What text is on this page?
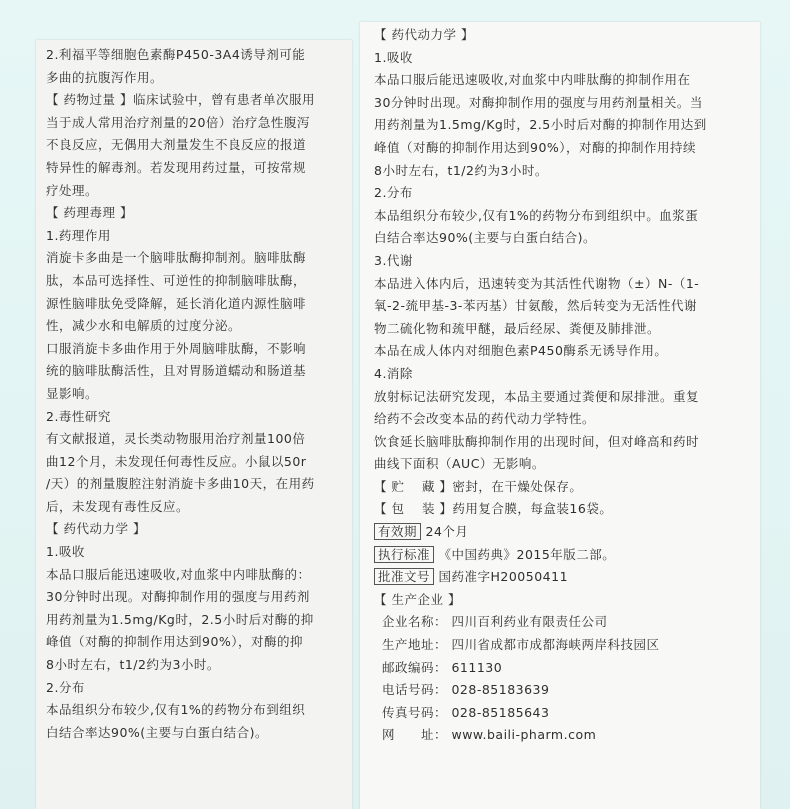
2.利福平等细胞色素酶P450-3A4诱导剂可能
多曲的抗腹泻作用。
【 药物过量 】临床试验中，曾有患者单次服用
当于成人常用治疗剂量的20倍）治疗急性腹泻
不良反应，无偶用大剂量发生不良反应的报道
特异性的解毒剂。若发现用药过量，可按常规
疗处理。
【 药理毒理 】
1.药理作用
消旋卡多曲是一个脑啡肽酶抑制剂。脑啡肽酶
肽，本品可选择性、可逆性的抑制脑啡肽酶，
源性脑啡肽免受降解，延长消化道内源性脑啡
性，减少水和电解质的过度分泌。
口服消旋卡多曲作用于外周脑啡肽酶，不影响
统的脑啡肽酶活性，且对胃肠道蠕动和肠道基
显影响。
2.毒性研究
有文献报道，灵长类动物服用治疗剂量100倍
曲12个月，未发现任何毒性反应。小鼠以50r
/天）的剂量腹腔注射消旋卡多曲10天，在用药
后，未发现有毒性反应。
【 药代动力学 】
1.吸收
本品口服后能迅速吸收,对血浆中内啡肽酶的：
30分钟时出现。对酶抑制作用的强度与用药剂
用药剂量为1.5mg/Kg时，2.5小时后对酶的抑
峰值（对酶的抑制作用达到90%），对酶的抑
8小时左右，t1/2约为3小时。
2.分布
本品组织分布较少,仅有1%的药物分布到组织
白结合率达90%(主要与白蛋白结合)。
【 药代动力学 】
1.吸收
本品口服后能迅速吸收,对血浆中内啡肽酶的抑制作用在
30分钟时出现。对酶抑制作用的强度与用药剂量相关。当
用药剂量为1.5mg/Kg时，2.5小时后对酶的抑制作用达到
峰值（对酶的抑制作用达到90%），对酶的抑制作用持续
8小时左右，t1/2约为3小时。
2.分布
本品组织分布较少,仅有1%的药物分布到组织中。血浆蛋
白结合率达90%(主要与白蛋白结合)。
3.代谢
本品进入体内后，迅速转变为其活性代谢物（±）N-（1-
氧-2-巯甲基-3-苯丙基）甘氨酸，然后转变为无活性代谢
物二硫化物和巯甲醚，最后经尿、粪便及肺排泄。
本品在成人体内对细胞色素P450酶系无诱导作用。
4.消除
放射标记法研究发现，本品主要通过粪便和尿排泄。重复
给药不会改变本品的药代动力学特性。
饮食延长脑啡肽酶抑制作用的出现时间，但对峰高和药时
曲线下面积（AUC）无影响。
【 贮　 藏 】密封，在干燥处保存。
【 包　 装 】药用复合膜，每盒装16袋。
有效期 24个月
执行标准 《中国药典》2015年版二部。
批准文号 国药准字H20050411
【 生产企业 】
企业名称： 四川百利药业有限责任公司
生产地址： 四川省成都市成都海峡两岸科技园区
邮政编码： 611130
电话号码： 028-85183639
传真号码： 028-85185643
网　　址： www.baili-pharm.com
